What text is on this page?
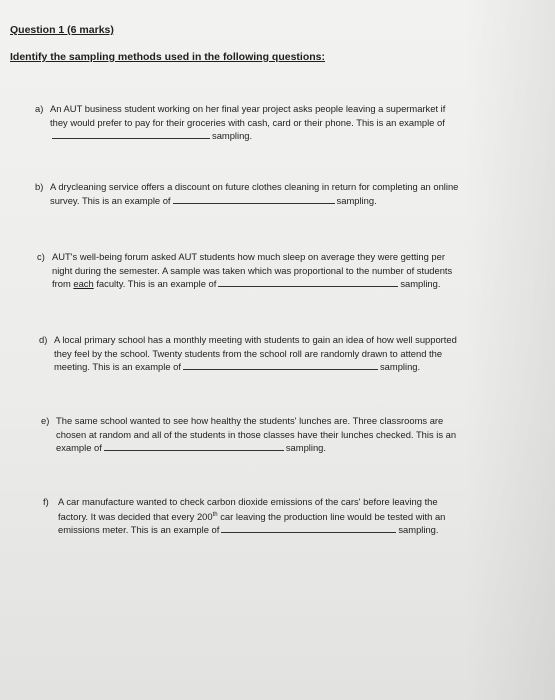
Question 1 (6 marks)
Identify the sampling methods used in the following questions:
a) An AUT business student working on her final year project asks people leaving a supermarket if
they would prefer to pay for their groceries with cash, card or their phone. This is an example of
sampling.
b) A drycleaning service offers a discount on future clothes cleaning in return for completing an online
survey. This is an example of	sampling.
c) AUT's well-being forum asked AUT students how much sleep on average they were getting per
night during the semester. A sample was taken which was proportional to the number of students
from each faculty. This is an example of	sampling.
d) A local primary school has a monthly meeting with students to gain an idea of how well supported
they feel by the school. Twenty students from the school roll are randomly drawn to attend the
meeting. This is an example of	sampling.
e) The same school wanted to see how healthy the students' lunches are. Three classrooms are
chosen at random and all of the students in those classes have their lunches checked. This is an
example of	sampling.
f) A car manufacture wanted to check carbon dioxide emissions of the cars' before leaving the
factory. It was decided that every 200th car leaving the production line would be tested with an
emissions meter. This is an example of	sampling.
